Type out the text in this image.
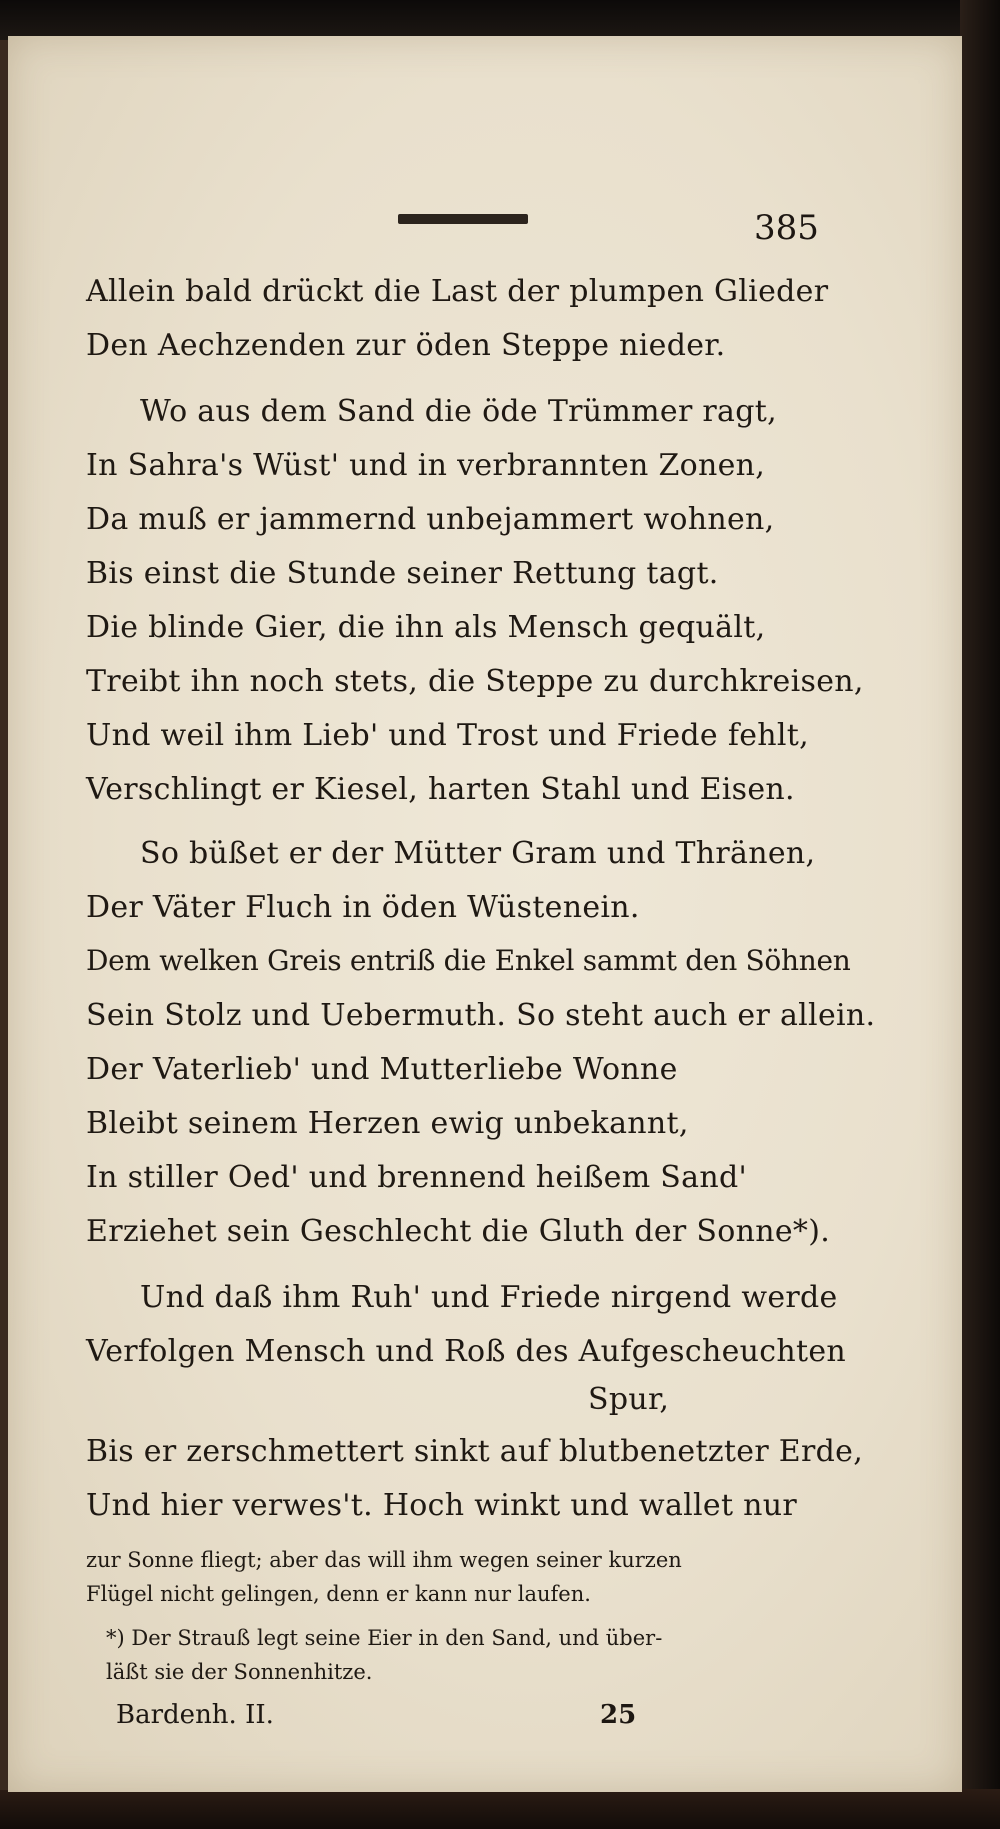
385
Allein bald drückt die Last der plumpen Glieder
Den Aechzenden zur öden Steppe nieder.
Wo aus dem Sand die öde Trümmer ragt,
In Sahra's Wüst' und in verbrannten Zonen,
Da muß er jammernd unbejammert wohnen,
Bis einst die Stunde seiner Rettung tagt.
Die blinde Gier, die ihn als Mensch gequält,
Treibt ihn noch stets, die Steppe zu durchkreisen,
Und weil ihm Lieb' und Trost und Friede fehlt,
Verschlingt er Kiesel, harten Stahl und Eisen.
So büßet er der Mütter Gram und Thränen,
Der Väter Fluch in öden Wüstenein.
Dem welken Greis entriß die Enkel sammt den Söhnen
Sein Stolz und Uebermuth. So steht auch er allein.
Der Vaterlieb' und Mutterliebe Wonne
Bleibt seinem Herzen ewig unbekannt,
In stiller Oed' und brennend heißem Sand'
Erziehet sein Geschlecht die Gluth der Sonne*).
Und daß ihm Ruh' und Friede nirgend werde
Verfolgen Mensch und Roß des Aufgescheuchten
Spur,
Bis er zerschmettert sinkt auf blutbenetzter Erde,
Und hier verwes't. Hoch winkt und wallet nur
zur Sonne fliegt; aber das will ihm wegen seiner kurzen
Flügel nicht gelingen, denn er kann nur laufen.
*) Der Strauß legt seine Eier in den Sand, und über-
läßt sie der Sonnenhitze.
Bardenh. II.	25
